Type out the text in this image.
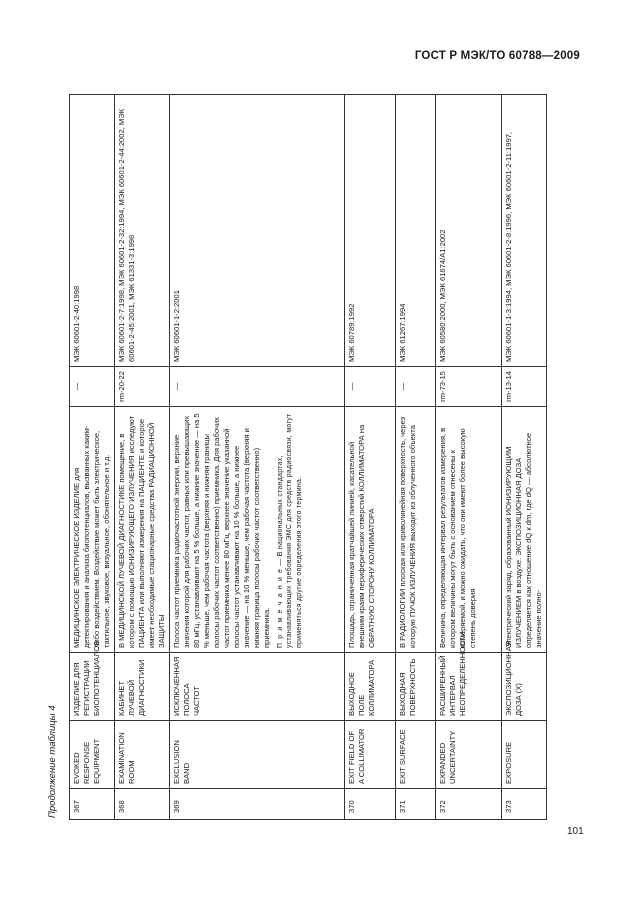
ГОСТ Р МЭК/ТО 60788—2009
Продолжение таблицы 4 367	EVOKED RESPONSE EQUIPMENT	ИЗДЕЛИЕ ДЛЯ РЕГИСТРАЦИИ БИОПОТЕНЦИАЛОВ	МЕДИЦИНСКОЕ ЭЛЕКТРИЧЕСКОЕ ИЗДЕЛИЕ для детектирования и анализа биопотенциалов, вызванных каким-либо воздействием. Воздействие может быть электрическое, тактильное, звуковое, визуальное, обонятельное и т.д.	—	МЭК 60601-2-40:1998
368	EXAMINATION ROOM	КАБИНЕТ ЛУЧЕВОЙ ДИАГНОСТИКИ	В МЕДИЦИНСКОЙ ЛУЧЕВОЙ ДИАГНОСТИКЕ помещение, в котором с помощью ИОНИЗИРУЮЩЕГО ИЗЛУЧЕНИЯ исследуют ПАЦИЕНТА или выполняют измерения на ПАЦИЕНТЕ и которое имеет необходимые стационарные средства РАДИАЦИОННОЙ ЗАЩИТЫ	rm-20-22	МЭК 60601-2-7:1998, МЭК 60601-2-32:1994, МЭК 60601-2-44:2002, МЭК 60601-2-45:2001, МЭК 61331-3:1998
369	EXCLUSION BAND	ИСКЛЮЧЕННАЯ ПОЛОСА ЧАСТОТ	Полоса частот приемника радиочастотной энергии, верхние значения которой для рабочих частот, равных или превышающих 80 мГц, устанавливают на 5 % больше, а нижние значение — на 5 % меньше, чем рабочая частота (верхняя и нижняя границы полосы рабочих частот соответственно) приемника. Для рабочих частот приемника менее 80 мГц, верхнее значение указанной полосы частот устанавливают на 10 % больше, а нижнее значение — на 10 % меньше, чем рабочая частота (верхняя и нижняя граница полосы рабочих частот соответственно) приемника. П р и м е ч а н и е — В национальных стандартах, устанавливающих требования ЭМС для средств радиосвязи, могут применяться другие определения этого термина.	—	МЭК 60601-1-2:2001
370	EXIT FIELD OF A COLLIMATOR	ВЫХОДНОЕ ПОЛЕ КОЛЛИМАТОРА	Площадь, ограниченная кратчайшей линией, касательной внешним краям периферических отверстий КОЛЛИМАТОРА на ОБРАТНУЮ СТОРОНУ КОЛЛИМАТОРА	—	МЭК 60789:1992
371	EXIT SURFACE	ВЫХОДНАЯ ПОВЕРХНОСТЬ	В РАДИОЛОГИИ плоская или криволинейная поверхность, через которую ПУЧОК ИЗЛУЧЕНИЯ выходит из облученного объекта	—	МЭК 61267:1994
372	EXPANDED UNCERTAINTY	РАСШИРЕННЫЙ ИНТЕРВАЛ НЕОПРЕДЕЛЕННОСТИ	Величина, определяющая интервал результатов измерения, в котором величины могут быть с основанием отнесены к измеряемой, и можно ожидать, что они имеют более высокую степень доверия	rm-73-15	МЭК 60580:2000, МЭК 61674/A1:2002
373	EXPOSURE	ЭКСПОЗИЦИОННАЯ ДОЗА (X)	Электрический заряд, образованный ИОНИЗИРУЮЩИМ ИЗЛУЧЕНИЕМ в воздухе. ЭКСПОЗИЦИОННАЯ ДОЗА определяется как отношение dQ к dm, где dQ — абсолютное значение полно-	rm-13-14	МЭК 60601-1-3:1994, МЭК 60601-2-8:1996, МЭК 60601-2-11:1997,
101
